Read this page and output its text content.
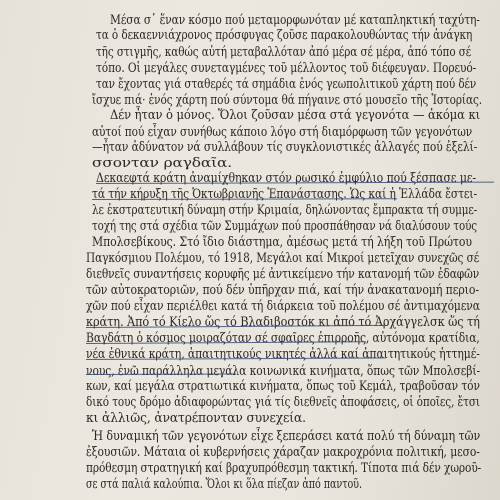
Μέσα σ᾽ ἕναν κόσμο πού μεταμορφωνόταν μέ καταπληκτική ταχύτη-
τα ὁ δεκαεννιάχρονος πρόσφυγας ζοῦσε παρακολουθώντας τήν ἀνάγκη
τῆς στιγμῆς, καθώς αὐτή μεταβαλλόταν ἀπό μέρα σέ μέρα, ἀπό τόπο σέ
τόπο. Οἱ μεγάλες συνεταγμένες τοῦ μέλλοντος τοῦ διέφευγαν. Πορευό-
ταν ἔχοντας γιά σταθερές τά σημάδια ἑνός γεωπολιτικοῦ χάρτη πού δέν
ἴσχυε πιά· ἑνός χάρτη πού σύντομα θά πήγαινε στό μουσεῖο τῆς Ἱστορίας.
Δέν ἦταν ὁ μόνος. Ὅλοι ζοῦσαν μέσα στά γεγονότα — ἀκόμα κι
αὐτοί πού εἶχαν συνήθως κάποιο λόγο στή διαμόρφωση τῶν γεγονότων
—ἦταν ἀδύνατον νά συλλάβουν τίς συγκλονιστικές ἀλλαγές πού ἐξελί-
σσονταν ραγδαῖα.
Δεκαεφτά κράτη ἀναμίχθηκαν στόν ρωσικό ἐμφύλιο πού ξέσπασε με-
τά τήν κήρυξη τῆς Ὀκτωβριανῆς Ἐπανάστασης. Ὡς καί ἡ Ἑλλάδα ἔστει-
λε ἐκστρατευτική δύναμη στήν Κριμαία, δηλώνοντας ἔμπρακτα τή συμμε-
τοχή της στά σχέδια τῶν Συμμάχων πού προσπάθησαν νά διαλύσουν τούς
Μπολσεβίκους. Στό ἴδιο διάστημα, ἀμέσως μετά τή λήξη τοῦ Πρώτου
Παγκόσμιου Πολέμου, τό 1918, Μεγάλοι καί Μικροί μετεῖχαν συνεχῶς σέ
διεθνεῖς συναντήσεις κορυφῆς μέ ἀντικείμενο τήν κατανομή τῶν ἐδαφῶν
τῶν αὐτοκρατοριῶν, πού δέν ὑπῆρχαν πιά, καί τήν ἀνακατανομή περιο-
χῶν πού εἶχαν περιέλθει κατά τή διάρκεια τοῦ πολέμου σέ ἀντιμαχόμενα
κράτη. Ἀπό τό Κίελο ὥς τό Βλαδιβοστόκ κι ἀπό τό Ἀρχάγγελσκ ὥς τή
Βαγδάτη ὁ κόσμος μοιραζόταν σέ σφαῖρες ἐπιρροῆς, αὐτόνομα κρατίδια,
νέα ἐθνικά κράτη, ἀπαιτητικούς νικητές ἀλλά καί ἀπαιτητικούς ἡττημέ-
νους, ἐνῶ παράλληλα μεγάλα κοινωνικά κινήματα, ὅπως τῶν Μπολσεβί-
κων, καί μεγάλα στρατιωτικά κινήματα, ὅπως τοῦ Κεμάλ, τραβοῦσαν τόν
δικό τους δρόμο ἀδιαφορώντας γιά τίς διεθνεῖς ἀποφάσεις, οἱ ὁποῖες, ἔτσι
κι ἀλλιῶς, ἀνατρέπονταν συνεχεία.
Ἡ δυναμική τῶν γεγονότων εἶχε ξεπεράσει κατά πολύ τή δύναμη τῶν
ἐξουσιῶν. Μάταια οἱ κυβερνήσεις χάραζαν μακροχρόνια πολιτική, μεσο-
πρόθεσμη στρατηγική καί βραχυπρόθεσμη τακτική. Τίποτα πιά δέν χωροῦ-
σε στά παλιά καλούπια. Ὅλοι κι ὅλα πίεζαν ἀπό παντοῦ.
